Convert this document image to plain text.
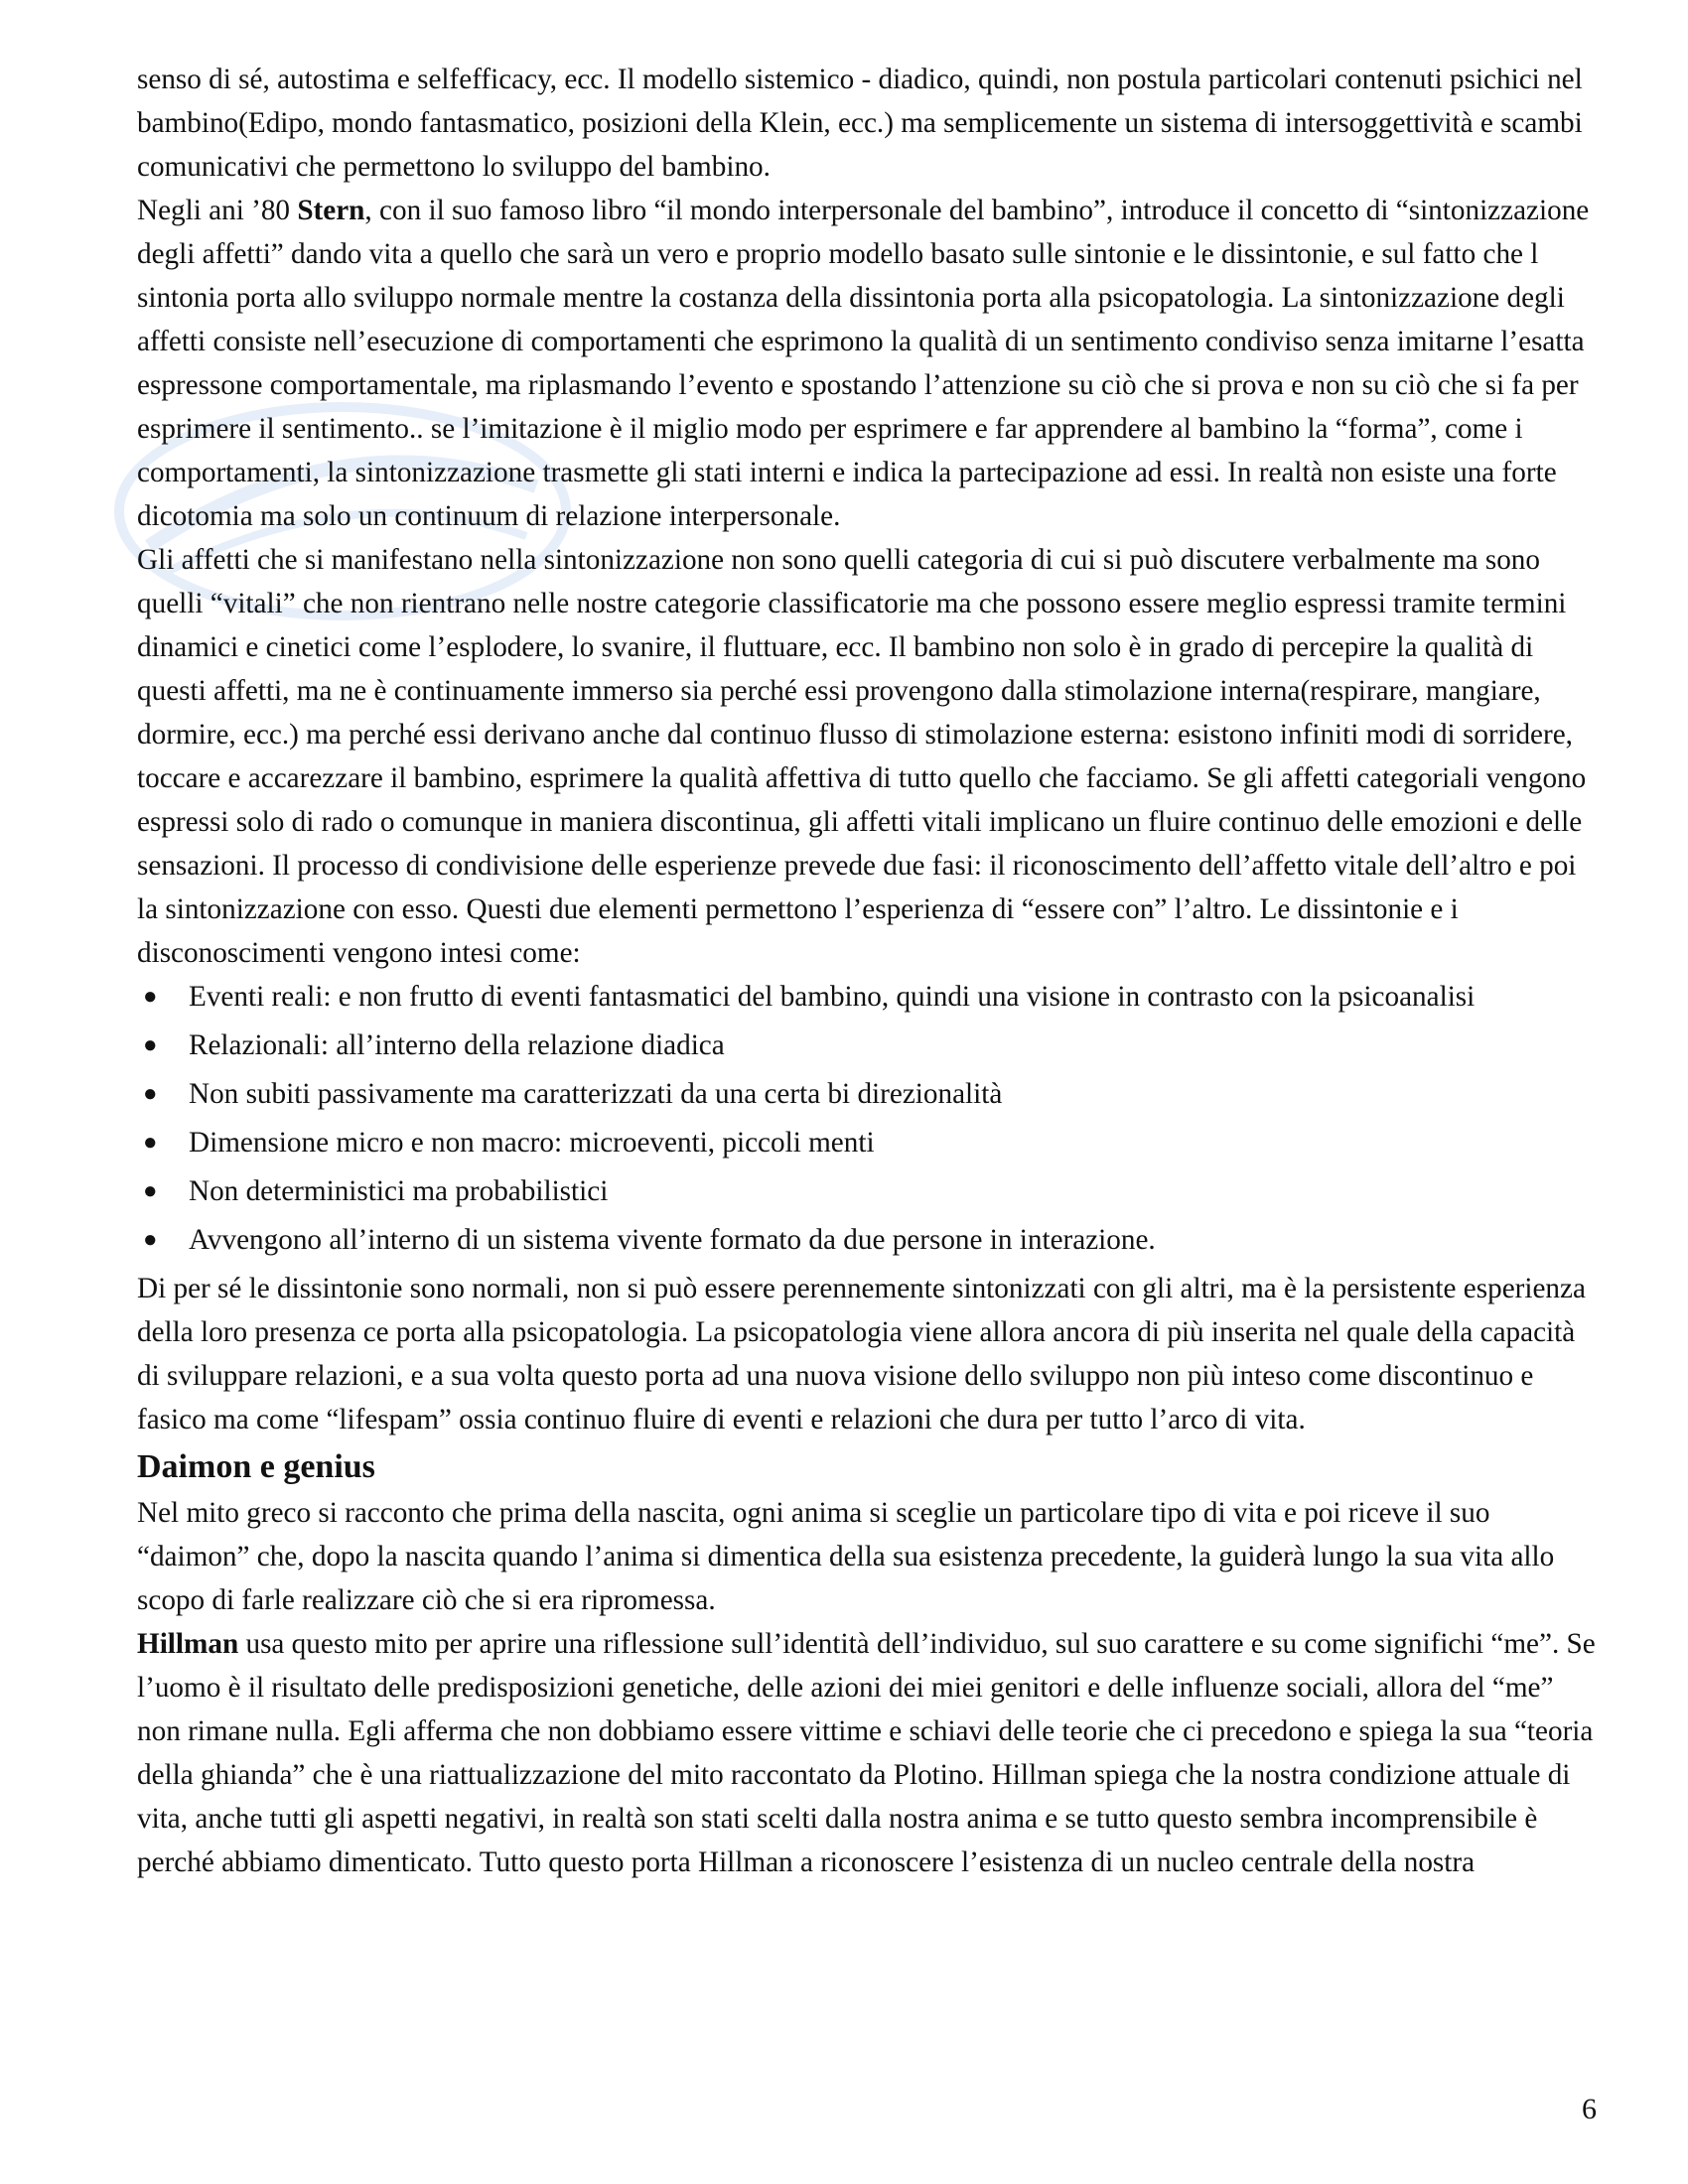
senso di sé, autostima e selfefficacy, ecc. Il modello sistemico - diadico, quindi, non postula particolari contenuti psichici nel bambino(Edipo, mondo fantasmatico, posizioni della Klein, ecc.) ma semplicemente un sistema di intersoggettività e scambi comunicativi che permettono lo sviluppo del bambino.

Negli ani ’80 Stern, con il suo famoso libro “il mondo interpersonale del bambino”, introduce il concetto di “sintonizzazione degli affetti” dando vita a quello che sarà un vero e proprio modello basato sulle sintonie e le dissintonie, e sul fatto che l sintonia porta allo sviluppo normale mentre la costanza della dissintonia porta alla psicopatologia. La sintonizzazione degli affetti consiste nell’esecuzione di comportamenti che esprimono la qualità di un sentimento condiviso senza imitarne l’esatta espressone comportamentale, ma riplasmando l’evento e spostando l’attenzione su ciò che si prova e non su ciò che si fa per esprimere il sentimento.. se l’imitazione è il miglio modo per esprimere e far apprendere al bambino la “forma”, come i comportamenti, la sintonizzazione trasmette gli stati interni e indica la partecipazione ad essi. In realtà non esiste una forte dicotomia ma solo un continuum di relazione interpersonale.

Gli affetti che si manifestano nella sintonizzazione non sono quelli categoria di cui si può discutere verbalmente ma sono quelli “vitali” che non rientrano nelle nostre categorie classificatorie ma che possono essere meglio espressi tramite termini dinamici e cinetici come l’esplodere, lo svanire, il fluttuare, ecc. Il bambino non solo è in grado di percepire la qualità di questi affetti, ma ne è continuamente immerso sia perché essi provengono dalla stimolazione interna(respirare, mangiare, dormire, ecc.) ma perché essi derivano anche dal continuo flusso di stimolazione esterna: esistono infiniti modi di sorridere, toccare e accarezzare il bambino, esprimere la qualità affettiva di tutto quello che facciamo. Se gli affetti categoriali vengono espressi solo di rado o comunque in maniera discontinua, gli affetti vitali implicano un fluire continuo delle emozioni e delle sensazioni. Il processo di condivisione delle esperienze prevede due fasi: il riconoscimento dell’affetto vitale dell’altro e poi la sintonizzazione con esso. Questi due elementi permettono l’esperienza di “essere con” l’altro. Le dissintonie e i disconoscimenti vengono intesi come:

● Eventi reali: e non frutto di eventi fantasmatici del bambino, quindi una visione in contrasto con la psicoanalisi
● Relazionali: all’interno della relazione diadica
● Non subiti passivamente ma caratterizzati da una certa bi direzionalità
● Dimensione micro e non macro: microeventi, piccoli menti
● Non deterministici ma probabilistici
● Avvengono all’interno di un sistema vivente formato da due persone in interazione.

Di per sé le dissintonie sono normali, non si può essere perennemente sintonizzati con gli altri, ma è la persistente esperienza della loro presenza ce porta alla psicopatologia. La psicopatologia viene allora ancora di più inserita nel quale della capacità di sviluppare relazioni, e a sua volta questo porta ad una nuova visione dello sviluppo non più inteso come discontinuo e fasico ma come “lifespam” ossia continuo fluire di eventi e relazioni che dura per tutto l’arco di vita.

Daimon e genius

Nel mito greco si racconto che prima della nascita, ogni anima si sceglie un particolare tipo di vita e poi riceve il suo “daimon” che, dopo la nascita quando l’anima si dimentica della sua esistenza precedente, la guiderà lungo la sua vita allo scopo di farle realizzare ciò che si era ripromessa.

Hillman usa questo mito per aprire una riflessione sull’identità dell’individuo, sul suo carattere e su come significhi “me”. Se l’uomo è il risultato delle predisposizioni genetiche, delle azioni dei miei genitori e delle influenze sociali, allora del “me” non rimane nulla. Egli afferma che non dobbiamo essere vittime e schiavi delle teorie che ci precedono e spiega la sua “teoria della ghianda” che è una riattualizzazione del mito raccontato da Plotino. Hillman spiega che la nostra condizione attuale di vita, anche tutti gli aspetti negativi, in realtà son stati scelti dalla nostra anima e se tutto questo sembra incomprensibile è perché abbiamo dimenticato. Tutto questo porta Hillman a riconoscere l’esistenza di un nucleo centrale della nostra

6
